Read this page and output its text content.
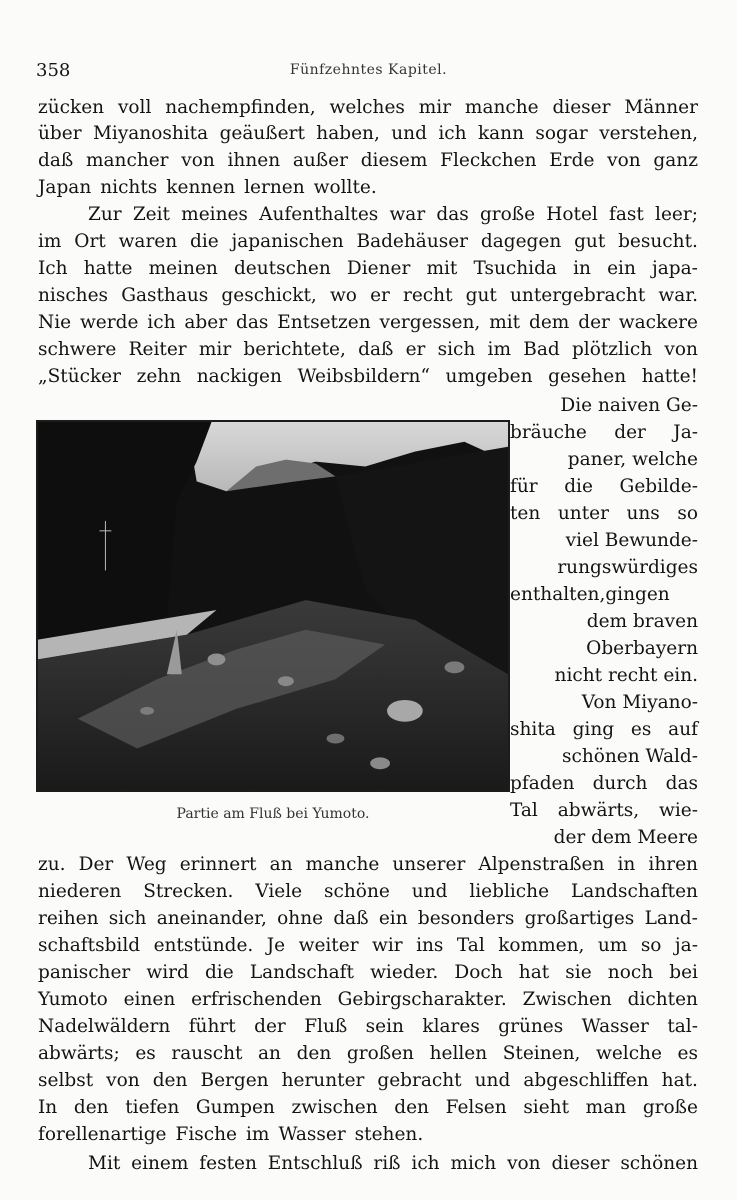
358	Fünfzehntes Kapitel.
zücken voll nachempfinden, welches mir manche dieser Männer
über Miyanoshita geäußert haben, und ich kann sogar verstehen,
daß mancher von ihnen außer diesem Fleckchen Erde von ganz
Japan nichts kennen lernen wollte.
Zur Zeit meines Aufenthaltes war das große Hotel fast leer;
im Ort waren die japanischen Badehäuser dagegen gut besucht.
Ich hatte meinen deutschen Diener mit Tsuchida in ein japa-
nisches Gasthaus geschickt, wo er recht gut untergebracht war.
Nie werde ich aber das Entsetzen vergessen, mit dem der wackere
schwere Reiter mir berichtete, daß er sich im Bad plötzlich von
„Stücker zehn nackigen Weibsbildern“ umgeben gesehen hatte!
Die naiven Ge-
bräuche der Ja-
paner, welche
für die Gebilde-
ten unter uns so
viel Bewunde-
rungswürdiges
enthalten,gingen
dem braven
Oberbayern
nicht recht ein.
Von Miyano-
shita ging es auf
schönen Wald-
pfaden durch das
Tal abwärts, wie-
der dem Meere
zu. Der Weg erinnert an manche unserer Alpenstraßen in ihren
niederen Strecken. Viele schöne und liebliche Landschaften
reihen sich aneinander, ohne daß ein besonders großartiges Land-
schaftsbild entstünde. Je weiter wir ins Tal kommen, um so ja-
panischer wird die Landschaft wieder. Doch hat sie noch bei
Yumoto einen erfrischenden Gebirgscharakter. Zwischen dichten
Nadelwäldern führt der Fluß sein klares grünes Wasser tal-
abwärts; es rauscht an den großen hellen Steinen, welche es
selbst von den Bergen herunter gebracht und abgeschliffen hat.
In den tiefen Gumpen zwischen den Felsen sieht man große
forellenartige Fische im Wasser stehen.
Mit einem festen Entschluß riß ich mich von dieser schönen
Partie am Fluß bei Yumoto.
